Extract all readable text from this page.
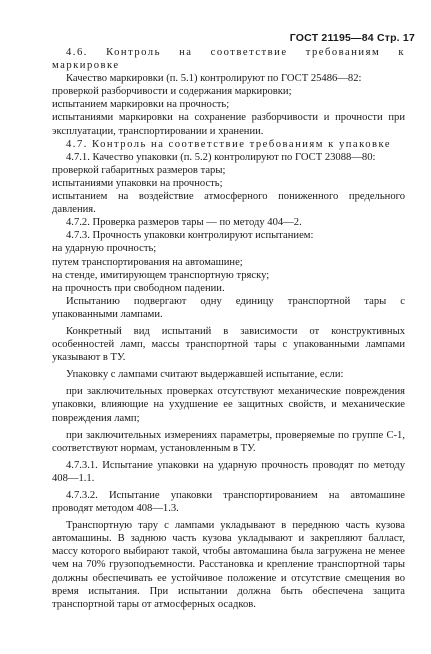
ГОСТ 21195—84 Стр. 17

4.6. Контроль на соответствие требованиям к маркировке

Качество маркировки (п. 5.1) контролируют по ГОСТ 25486—82:

проверкой разборчивости и содержания маркировки;

испытанием маркировки на прочность;

испытаниями маркировки на сохранение разборчивости и прочности при эксплуатации, транспортировании и хранении.

4.7. Контроль на соответствие требованиям к упаковке

4.7.1. Качество упаковки (п. 5.2) контролируют по ГОСТ 23088—80:

проверкой габаритных размеров тары;

испытаниями упаковки на прочность;

испытанием на воздействие атмосферного пониженного предельного давления.

4.7.2. Проверка размеров тары — по методу 404—2.

4.7.3. Прочность упаковки контролируют испытанием:

на ударную прочность;

путем транспортирования на автомашине;

на стенде, имитирующем транспортную тряску;

на прочность при свободном падении.

Испытанию подвергают одну единицу транспортной тары с упакованными лампами.

Конкретный вид испытаний в зависимости от конструктивных особенностей ламп, массы транспортной тары с упакованными лампами указывают в ТУ.

Упаковку с лампами считают выдержавшей испытание, если:

при заключительных проверках отсутствуют механические повреждения упаковки, влияющие на ухудшение ее защитных свойств, и механические повреждения ламп;

при заключительных измерениях параметры, проверяемые по группе С-1, соответствуют нормам, установленным в ТУ.

4.7.3.1. Испытание упаковки на ударную прочность проводят по методу 408—1.1.

4.7.3.2. Испытание упаковки транспортированием на автомашине проводят методом 408—1.3.

Транспортную тару с лампами укладывают в переднюю часть кузова автомашины. В заднюю часть кузова укладывают и закрепляют балласт, массу которого выбирают такой, чтобы автомашина была загружена не менее чем на 70% грузоподъемности. Расстановка и крепление транспортной тары должны обеспечивать ее устойчивое положение и отсутствие смещения во время испытания. При испытании должна быть обеспечена защита транспортной тары от атмосферных осадков.
